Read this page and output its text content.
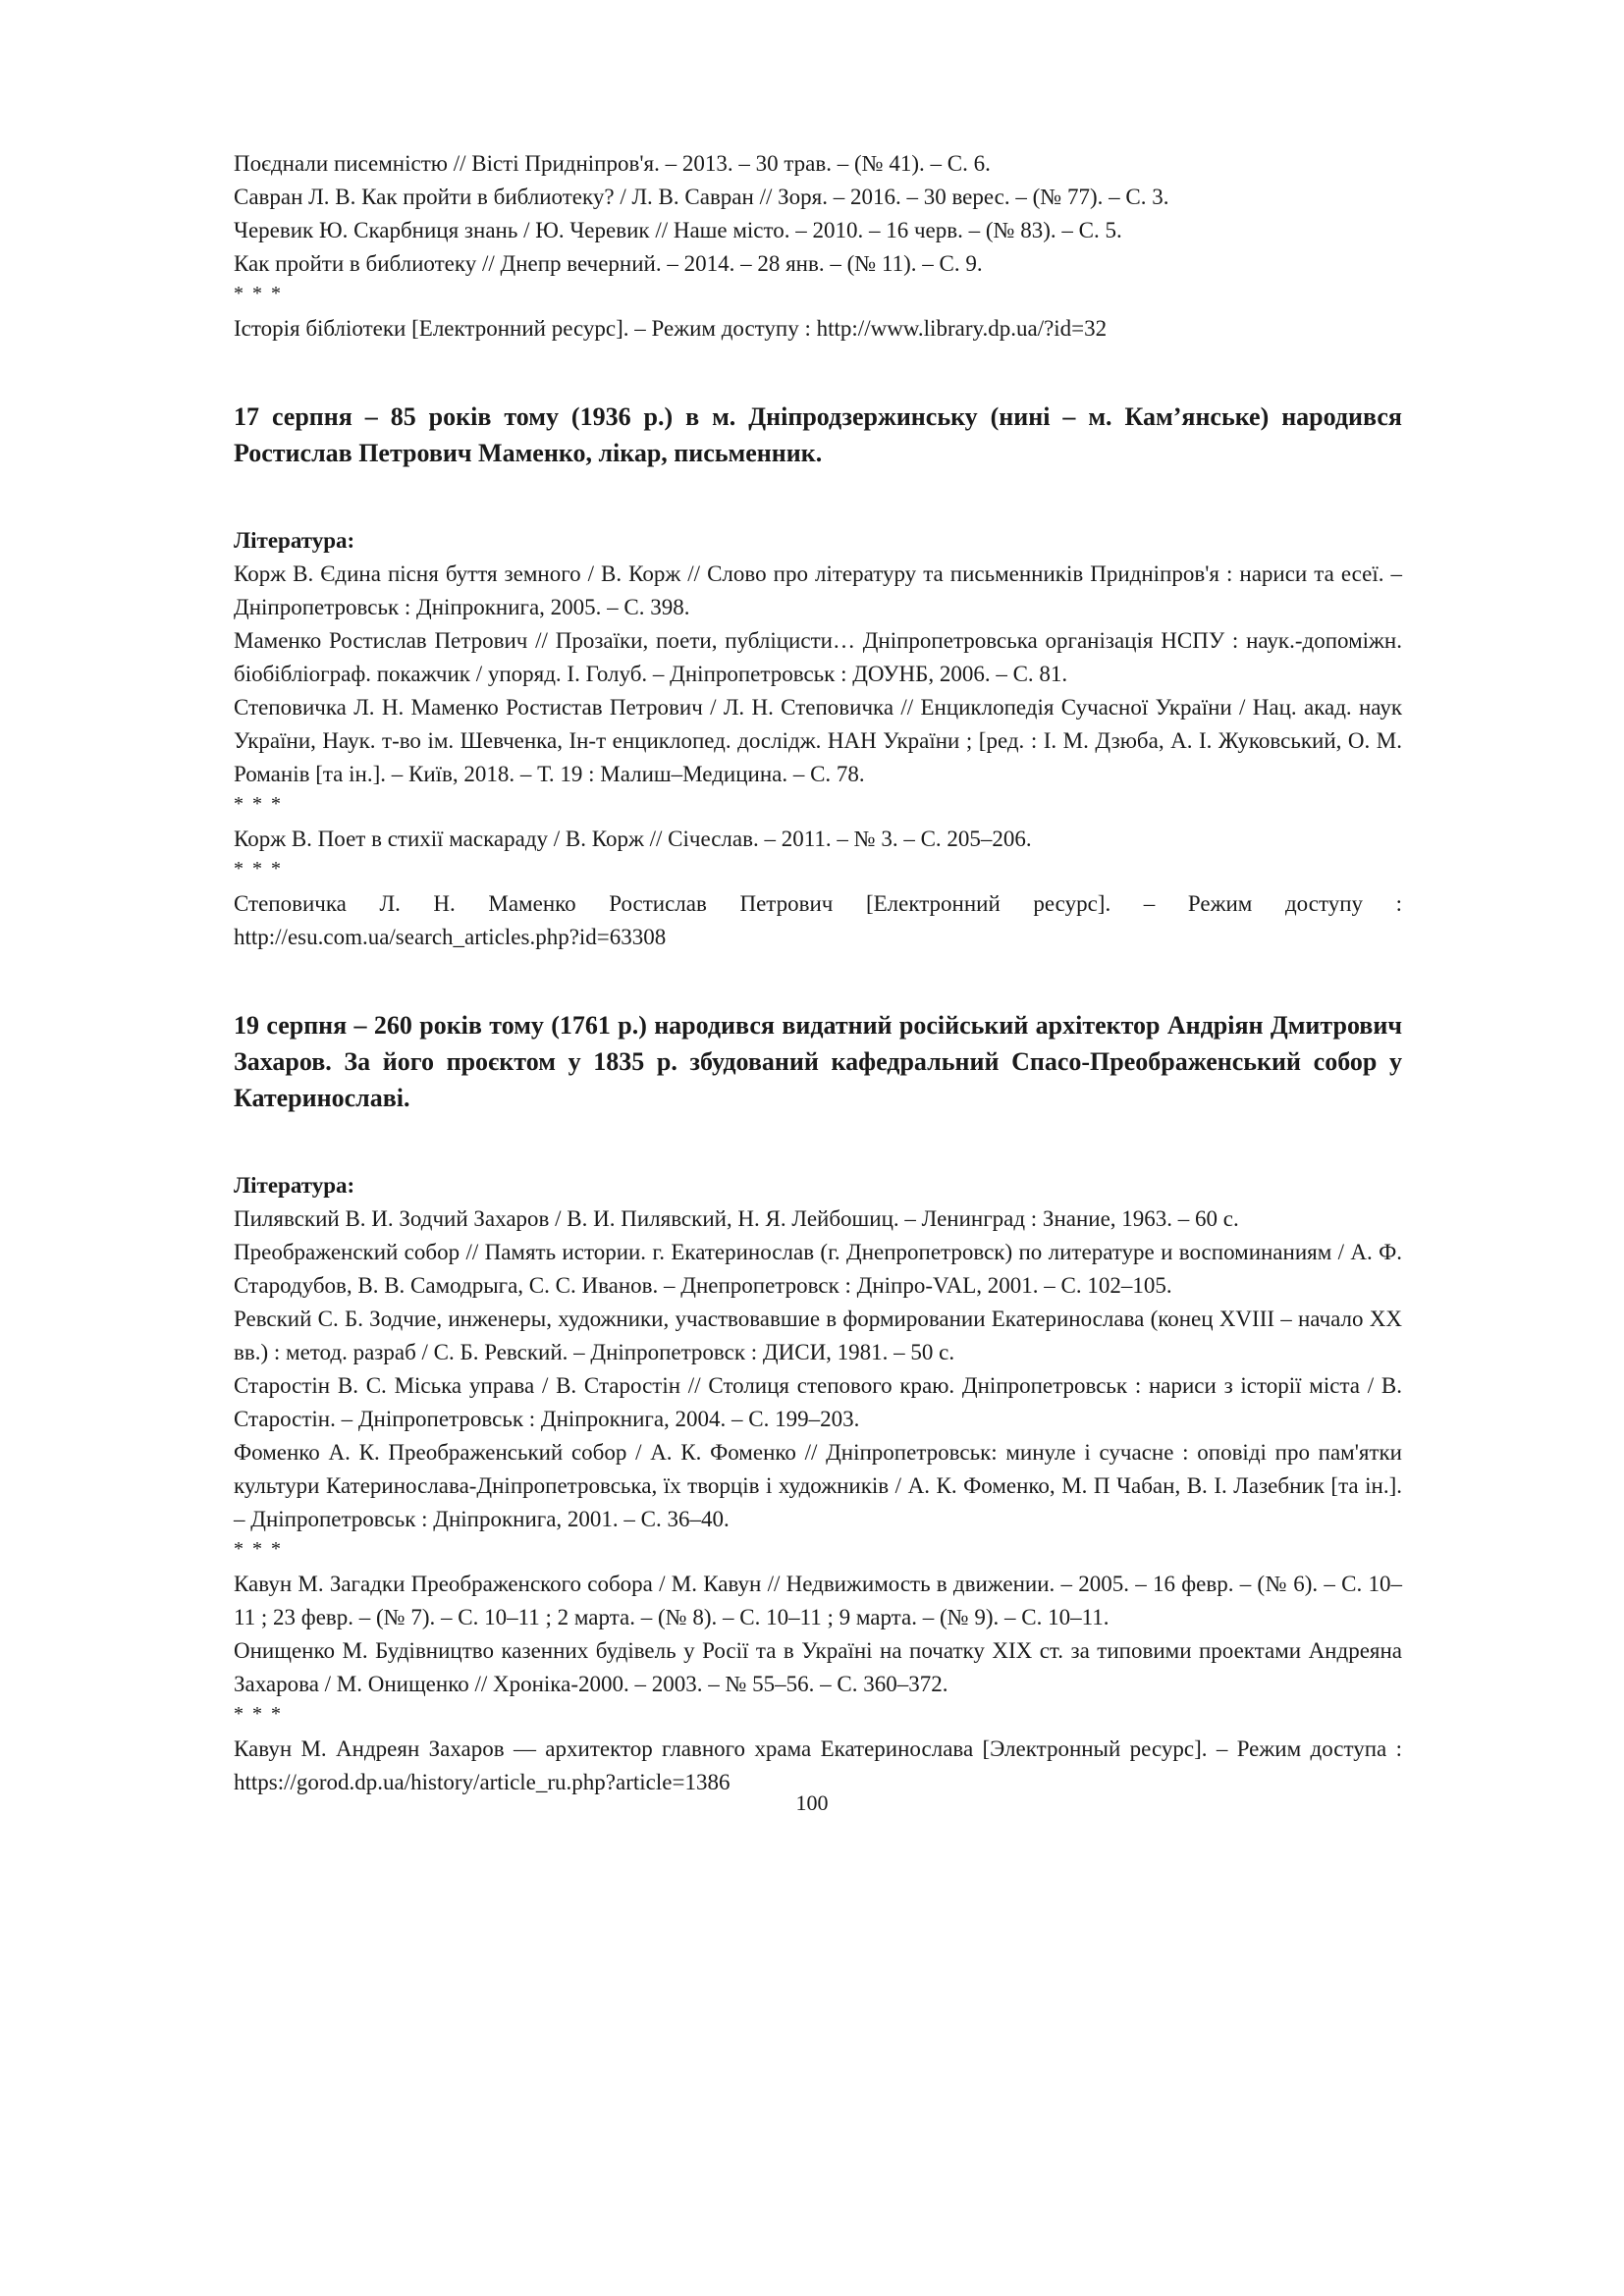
Поєднали писемністю // Вісті Придніпров'я. – 2013. – 30 трав. – (№ 41). – С. 6.

Савран Л. В. Как пройти в библиотеку? / Л. В. Савран // Зоря. – 2016. – 30 верес. – (№ 77). – С. 3.

Черевик Ю. Скарбниця знань / Ю. Черевик // Наше місто. – 2010. – 16 черв. – (№ 83). – С. 5.

Как пройти в библиотеку // Днепр вечерний. – 2014. – 28 янв. – (№ 11). – С. 9.

* * *

Історія бібліотеки [Електронний ресурс]. – Режим доступу : http://www.library.dp.ua/?id=32

17 серпня – 85 років тому (1936 р.) в м. Дніпродзержинську (нині – м. Кам’янське) народився Ростислав Петрович Маменко, лікар, письменник.

Література:

Корж В. Єдина пісня буття земного / В. Корж // Слово про літературу та письменників Придніпров'я : нариси та есеї. – Дніпропетровськ : Дніпрокнига, 2005. – С. 398.

Маменко Ростислав Петрович // Прозаїки, поети, публіцисти… Дніпропетровська організація НСПУ : наук.-допоміжн. біобібліограф. покажчик / упоряд. І. Голуб. – Дніпропетровськ : ДОУНБ, 2006. – С. 81.

Степовичка Л. Н. Маменко Ростистав Петрович / Л. Н. Степовичка // Енциклопедія Сучасної України / Нац. акад. наук України, Наук. т-во ім. Шевченка, Ін-т енциклопед. дослідж. НАН України ; [ред. : І. М. Дзюба, А. І. Жуковський, О. М. Романів [та ін.]. – Київ, 2018. – Т. 19 : Малиш–Медицина. – С. 78.

* * *

Корж В. Поет в стихії маскараду / В. Корж // Січеслав. – 2011. – № 3. – С. 205–206.

* * *

Степовичка Л. Н. Маменко Ростислав Петрович [Електронний ресурс]. – Режим доступу : http://esu.com.ua/search_articles.php?id=63308

19 серпня – 260 років тому (1761 р.) народився видатний російський архітектор Андріян Дмитрович Захаров. За його проєктом у 1835 р. збудований кафедральний Спасо-Преображенський собор у Катеринославі.

Література:

Пилявский В. И. Зодчий Захаров / В. И. Пилявский, Н. Я. Лейбошиц. – Ленинград : Знание, 1963. – 60 с.

Преображенский собор // Память истории. г. Екатеринослав (г. Днепропетровск) по литературе и воспоминаниям / А. Ф. Стародубов, В. В. Самодрыга, С. С. Иванов. – Днепропетровск : Дніпро-VAL, 2001. – С. 102–105.

Ревский С. Б. Зодчие, инженеры, художники, участвовавшие в формировании Екатеринослава (конец XVIII – начало XX вв.) : метод. разраб / С. Б. Ревский. – Дніпропетровск : ДИСИ, 1981. – 50 с.

Старостін В. С. Міська управа / В. Старостін // Столиця степового краю. Дніпропетровськ : нариси з історії міста / В. Старостін. – Дніпропетровськ : Дніпрокнига, 2004. – С. 199–203.

Фоменко А. К. Преображенський собор / А. К. Фоменко // Дніпропетровськ: минуле і сучасне : оповіді про пам'ятки культури Катеринослава-Дніпропетровська, їх творців і художників / А. К. Фоменко, М. П Чабан, В. І. Лазебник [та ін.]. – Дніпропетровськ : Дніпрокнига, 2001. – С. 36–40.

* * *

Кавун М. Загадки Преображенского собора / М. Кавун // Недвижимость в движении. – 2005. – 16 февр. – (№ 6). – С. 10–11 ; 23 февр. – (№ 7). – С. 10–11 ; 2 марта. – (№ 8). – С. 10–11 ; 9 марта. – (№ 9). – С. 10–11.

Онищенко М. Будівництво казенних будівель у Росії та в Україні на початку XIX ст. за типовими проектами Андреяна Захарова / М. Онищенко // Хроніка-2000. – 2003. – № 55–56. – С. 360–372.

* * *

Кавун М. Андреян Захаров — архитектор главного храма Екатеринослава [Электронный ресурс]. – Режим доступа : https://gorod.dp.ua/history/article_ru.php?article=1386

100
